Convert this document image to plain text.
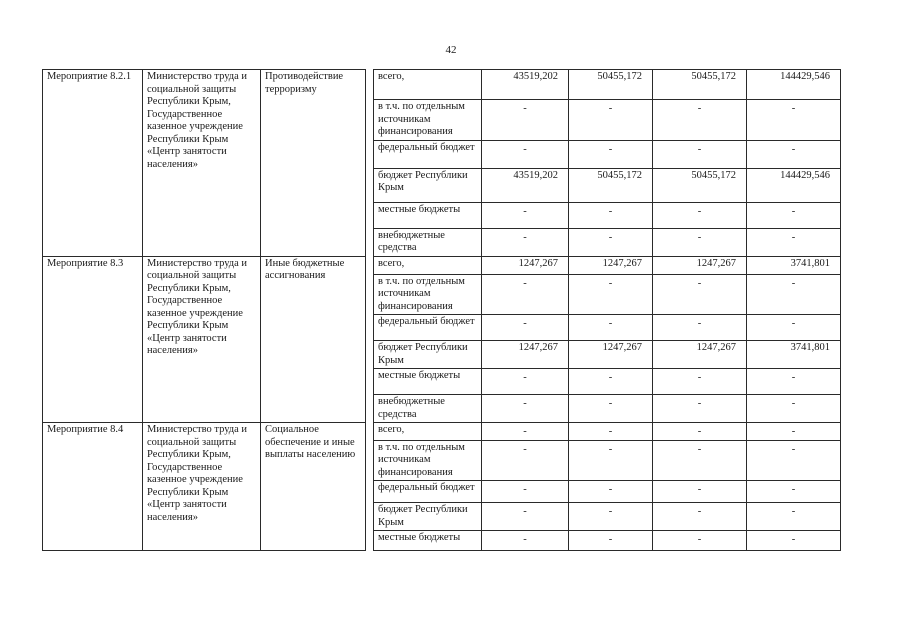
42
Мероприятие 8.2.1	Министерство труда и социальной защиты Республики Крым, Государственное казенное учреждение Республики Крым «Центр занятости населения»	Противодействие терроризму		всего,	43519,202	50455,172	50455,172	144429,546
				в т.ч. по отдельным источникам финансирования	-	-	-	-
				федеральный бюджет	-	-	-	-
				бюджет Республики Крым	43519,202	50455,172	50455,172	144429,546
				местные бюджеты	-	-	-	-
				внебюджетные средства	-	-	-	-
Мероприятие 8.3	Министерство труда и социальной защиты Республики Крым, Государственное казенное учреждение Республики Крым «Центр занятости населения»	Иные бюджетные ассигнования		всего,	1247,267	1247,267	1247,267	3741,801
				в т.ч. по отдельным источникам финансирования	-	-	-	-
				федеральный бюджет	-	-	-	-
				бюджет Республики Крым	1247,267	1247,267	1247,267	3741,801
				местные бюджеты	-	-	-	-
				внебюджетные средства	-	-	-	-
Мероприятие 8.4	Министерство труда и социальной защиты Республики Крым, Государственное казенное учреждение Республики Крым «Центр занятости населения»	Социальное обеспечение и иные выплаты населению		всего,	-	-	-	-
				в т.ч. по отдельным источникам финансирования	-	-	-	-
				федеральный бюджет	-	-	-	-
				бюджет Республики Крым	-	-	-	-
				местные бюджеты	-	-	-	-
